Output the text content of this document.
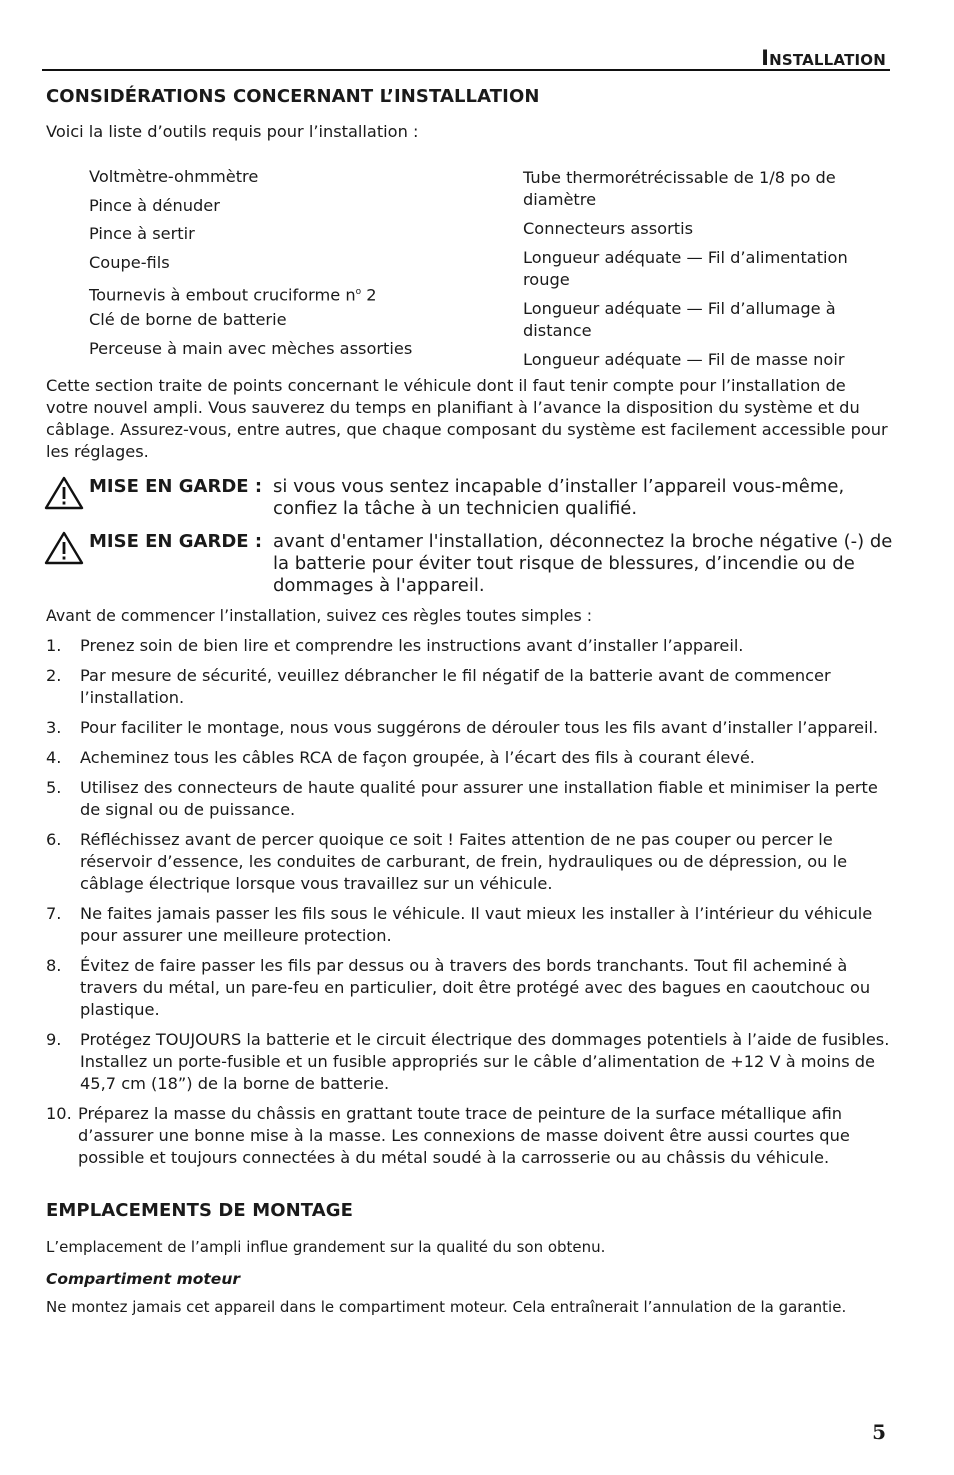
Installation
CONSIDÉRATIONS CONCERNANT L’INSTALLATION
Voici la liste d’outils requis pour l’installation :
Voltmètre-ohmmètre
Pince à dénuder
Pince à sertir
Coupe-fils
Tournevis à embout cruciforme $n^o$ 2
Clé de borne de batterie
Perceuse à main avec mèches assorties
Tube thermorétrécissable de 1/8 po de diamètre
Connecteurs assortis
Longueur adéquate — Fil d’alimentation rouge
Longueur adéquate — Fil d’allumage à distance
Longueur adéquate — Fil de masse noir
Cette section traite de points concernant le véhicule dont il faut tenir compte pour l’installation de votre nouvel ampli. Vous sauverez du temps en planifiant à l’avance la disposition du système et du câblage. Assurez-vous, entre autres, que chaque composant du système est facilement accessible pour les réglages.
MISE EN GARDE : si vous vous sentez incapable d’installer l’appareil vous-même, confiez la tâche à un technicien qualifié.
MISE EN GARDE : avant d'entamer l'installation, déconnectez la broche négative (-) de la batterie pour éviter tout risque de blessures, d’incendie ou de dommages à l'appareil.
Avant de commencer l’installation, suivez ces règles toutes simples :
1. Prenez soin de bien lire et comprendre les instructions avant d’installer l’appareil.
2. Par mesure de sécurité, veuillez débrancher le fil négatif de la batterie avant de commencer l’installation.
3. Pour faciliter le montage, nous vous suggérons de dérouler tous les fils avant d’installer l’appareil.
4. Acheminez tous les câbles RCA de façon groupée, à l’écart des fils à courant élevé.
5. Utilisez des connecteurs de haute qualité pour assurer une installation fiable et minimiser la perte de signal ou de puissance.
6. Réfléchissez avant de percer quoique ce soit ! Faites attention de ne pas couper ou percer le réservoir d’essence, les conduites de carburant, de frein, hydrauliques ou de dépression, ou le câblage électrique lorsque vous travaillez sur un véhicule.
7. Ne faites jamais passer les fils sous le véhicule. Il vaut mieux les installer à l’intérieur du véhicule pour assurer une meilleure protection.
8. Évitez de faire passer les fils par dessus ou à travers des bords tranchants. Tout fil acheminé à travers du métal, un pare-feu en particulier, doit être protégé avec des bagues en caoutchouc ou plastique.
9. Protégez TOUJOURS la batterie et le circuit électrique des dommages potentiels à l’aide de fusibles. Installez un porte-fusible et un fusible appropriés sur le câble d’alimentation de +12 V à moins de 45,7 cm (18”) de la borne de batterie.
10. Préparez la masse du châssis en grattant toute trace de peinture de la surface métallique afin d’assurer une bonne mise à la masse. Les connexions de masse doivent être aussi courtes que possible et toujours connectées à du métal soudé à la carrosserie ou au châssis du véhicule.
EMPLACEMENTS DE MONTAGE
L’emplacement de l’ampli influe grandement sur la qualité du son obtenu.
Compartiment moteur
Ne montez jamais cet appareil dans le compartiment moteur. Cela entraînerait l’annulation de la garantie.
5
